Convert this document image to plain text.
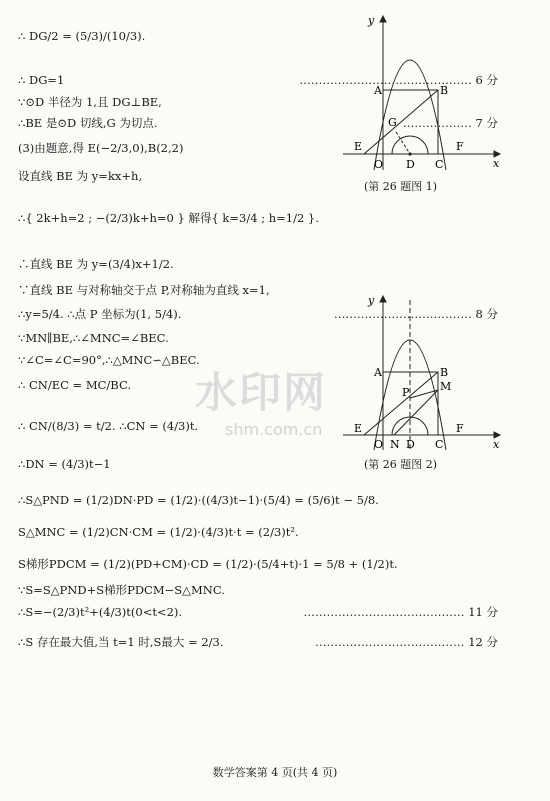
∴ DG/2 = (5/3)/(10/3).
∴ DG=1	……………………………………… 6 分
∵⊙D 半径为 1,且 DG⊥BE,
∴BE 是⊙D 切线,G 为切点.	……………… 7 分
(3)由题意,得 E(−2/3,0),B(2,2)
设直线 BE 为 y=kx+h,
∴{ 2k+h=2 ; −(2/3)k+h=0 } 解得{ k=3/4 ; h=1/2 }.
∴直线 BE 为 y=(3/4)x+1/2.
∵直线 BE 与对称轴交于点 P,对称轴为直线 x=1,
∴y=5/4. ∴点 P 坐标为(1, 5/4).	……………………………… 8 分
∵MN∥BE,∴∠MNC=∠BEC.
∵∠C=∠C=90°,∴△MNC∽△BEC.
∴ CN/EC = MC/BC.
∴ CN/(8/3) = t/2. ∴CN = (4/3)t.
∴DN = (4/3)t−1
∴S△PND = (1/2)DN·PD = (1/2)·((4/3)t−1)·(5/4) = (5/6)t − 5/8.
S△MNC = (1/2)CN·CM = (1/2)·(4/3)t·t = (2/3)t².
S梯形PDCM = (1/2)(PD+CM)·CD = (1/2)·(5/4+t)·1 = 5/8 + (1/2)t.
∵S=S△PND+S梯形PDCM−S△MNC.
∴S=−(2/3)t²+(4/3)t(0<t<2).	…………………………………… 11 分
∴S 存在最大值,当 t=1 时,S最大 = 2/3.	………………………………… 12 分
水印网
shm.com.cn
y
x
A	B
G
E
O D C
F
(第 26 题图 1)
y
x
A	B
M
P
E
O N D C
F
(第 26 题图 2)
数学答案第 4 页(共 4 页)
